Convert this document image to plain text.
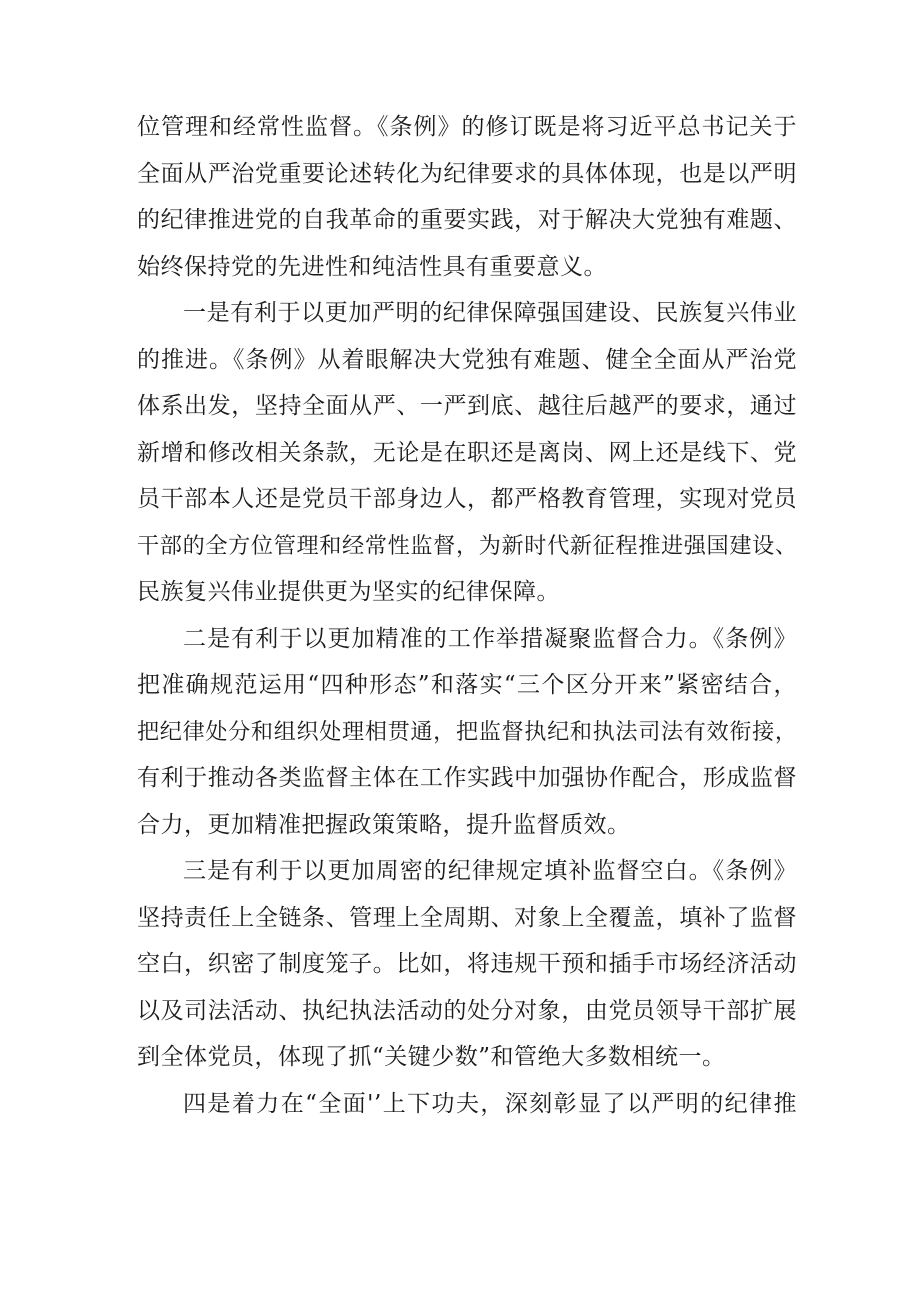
位管理和经常性监督。《条例》的修订既是将习近平总书记关于
全面从严治党重要论述转化为纪律要求的具体体现，也是以严明
的纪律推进党的自我革命的重要实践，对于解决大党独有难题、
始终保持党的先进性和纯洁性具有重要意义。
一是有利于以更加严明的纪律保障强国建设、民族复兴伟业
的推进。《条例》从着眼解决大党独有难题、健全全面从严治党
体系出发，坚持全面从严、一严到底、越往后越严的要求，通过
新增和修改相关条款，无论是在职还是离岗、网上还是线下、党
员干部本人还是党员干部身边人，都严格教育管理，实现对党员
干部的全方位管理和经常性监督，为新时代新征程推进强国建设、
民族复兴伟业提供更为坚实的纪律保障。
二是有利于以更加精准的工作举措凝聚监督合力。《条例》
把准确规范运用“四种形态”和落实“三个区分开来”紧密结合，
把纪律处分和组织处理相贯通，把监督执纪和执法司法有效衔接，
有利于推动各类监督主体在工作实践中加强协作配合，形成监督
合力，更加精准把握政策策略，提升监督质效。
三是有利于以更加周密的纪律规定填补监督空白。《条例》
坚持责任上全链条、管理上全周期、对象上全覆盖，填补了监督
空白，织密了制度笼子。比如，将违规干预和插手市场经济活动
以及司法活动、执纪执法活动的处分对象，由党员领导干部扩展
到全体党员，体现了抓“关键少数”和管绝大多数相统一。
四是着力在“全面'’上下功夫，深刻彰显了以严明的纪律推
